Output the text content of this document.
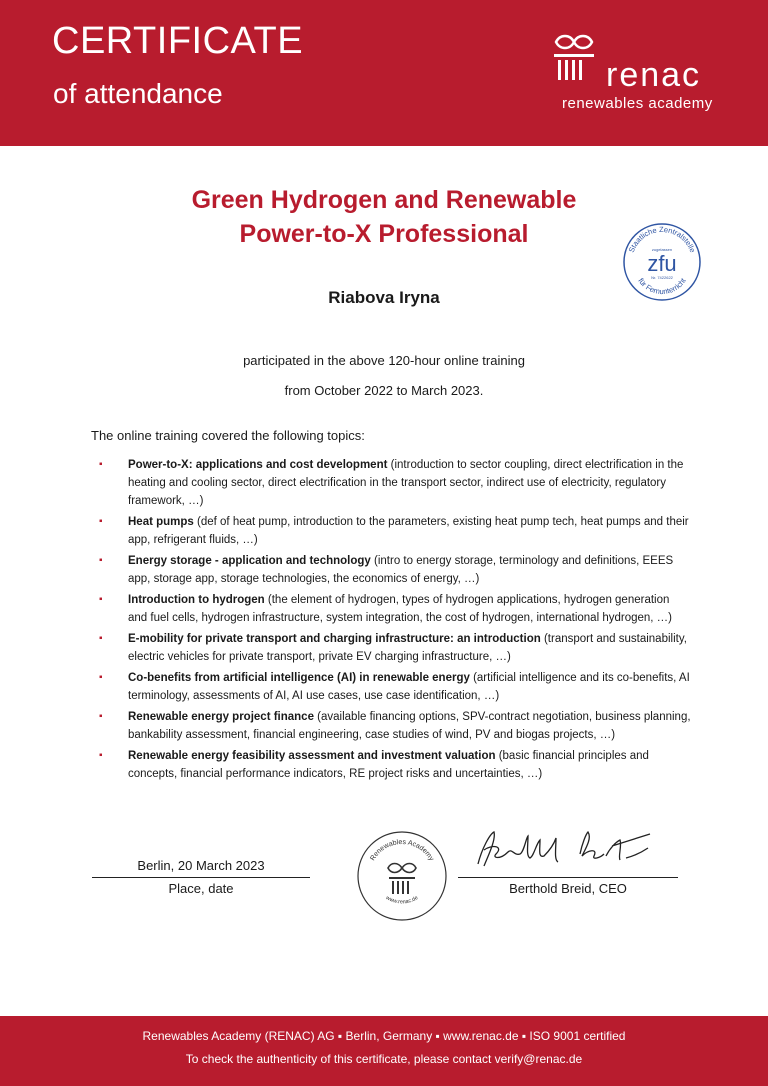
CERTIFICATE
of attendance	renac
renewables academy
Green Hydrogen and Renewable
Power-to-X Professional
Staatliche Zentralstelle
zugelassen
zfu
Nr. 7422622
für Fernunterricht
Riabova Iryna
participated in the above 120-hour online training
from October 2022 to March 2023.
The online training covered the following topics:
▪ Power-to-X: applications and cost development (introduction to sector coupling, direct electrification in the heating and cooling sector, direct electrification in the transport sector, indirect use of electricity, regulatory framework, …)
▪ Heat pumps (def of heat pump, introduction to the parameters, existing heat pump tech, heat pumps and their app, refrigerant fluids, …)
▪ Energy storage - application and technology (intro to energy storage, terminology and definitions, EEES app, storage app, storage technologies, the economics of energy, …)
▪ Introduction to hydrogen (the element of hydrogen, types of hydrogen applications, hydrogen generation and fuel cells, hydrogen infrastructure, system integration, the cost of hydrogen, international hydrogen, …)
▪ E-mobility for private transport and charging infrastructure: an introduction (transport and sustainability, electric vehicles for private transport, private EV charging infrastructure, …)
▪ Co-benefits from artificial intelligence (AI) in renewable energy (artificial intelligence and its co-benefits, AI terminology, assessments of AI, AI use cases, use case identification, …)
▪ Renewable energy project finance (available financing options, SPV-contract negotiation, business planning, bankability assessment, financial engineering, case studies of wind, PV and biogas projects, …)
▪ Renewable energy feasibility assessment and investment valuation (basic financial principles and concepts, financial performance indicators, RE project risks and uncertainties, …)
Berlin, 20 March 2023
Place, date
Renewables Academy
www.renac.de
Berthold Breid, CEO
Renewables Academy (RENAC) AG ▪ Berlin, Germany ▪ www.renac.de ▪ ISO 9001 certified
To check the authenticity of this certificate, please contact verify@renac.de
